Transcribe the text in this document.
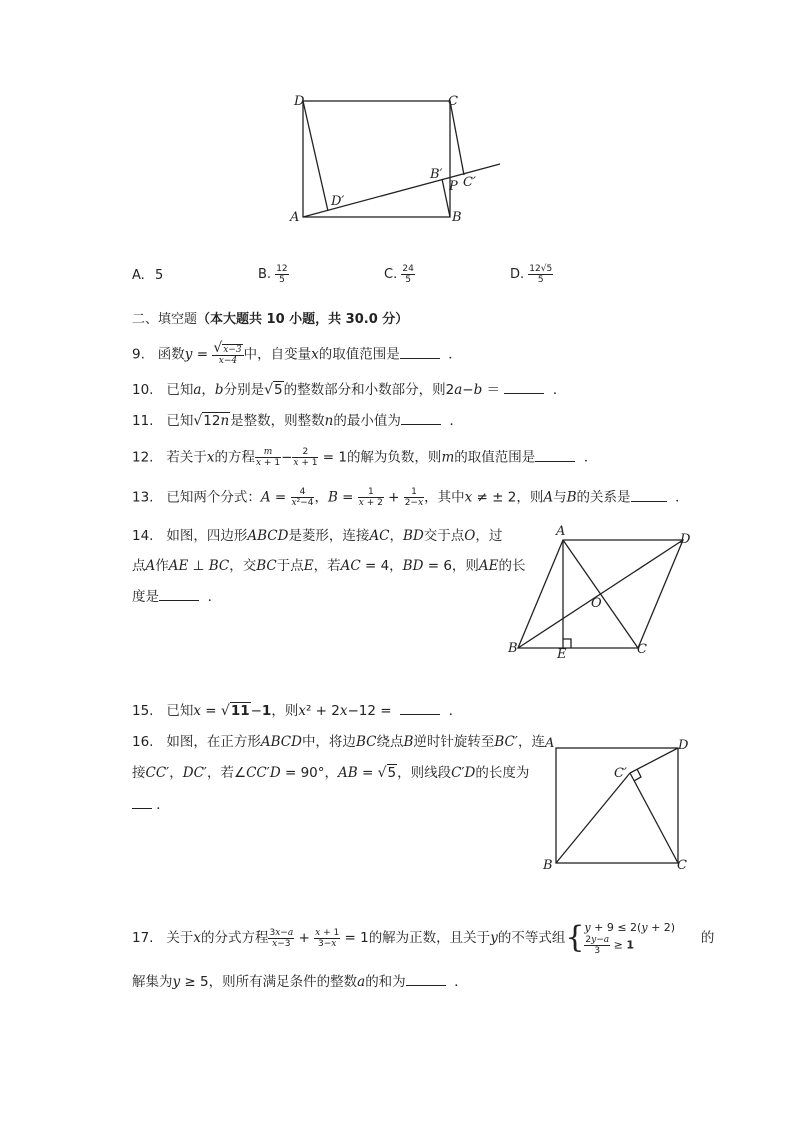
D	C
A	B
D′
B′
P C′
A. 5	B. $\frac{12}{5}$	C. $\frac{24}{5}$	D. $\frac{12√5}{5}$
二、填空题（本大题共 10 小题，共 30.0 分）
9. 函数$y = \frac{√x-3}{x-4}$ 中，自变量x的取值范围是	．
10. 已知a，b分别是√5的整数部分和小数部分，则2a−b ＝	．
11. 已知√12n是整数，则整数n的最小值为	．
12. 若关于x的方程 $\frac{m}{x + 1} - \frac{2}{x + 1} = 1$的解为负数，则m的取值范围是	．
13. 已知两个分式：$A = \frac{4}{\text{x²−4}}$ ，$B = \frac{1}{x + 2} + \frac{1}{2-x}$ ，其中x ≠ ± 2，则A与B的关系是	．
14. 如图，四边形ABCD是菱形，连接AC，BD交于点O，过
点A作AE ⊥ BC，交BC于点E，若AC = 4，BD = 6，则AE的长
度是	．
A
D
O
B	E	C
15. 已知x = √11−1，则x² + 2x−12 =	．
16. 如图，在正方形ABCD中，将边BC绕点B逆时针旋转至BC′，连
接CC′，DC′，若∠CC′D = 90°，AB = √5，则线段C′D的长度为
．
A	D
C′
B	C
17. 关于x的分式方程 $\frac{3x-a}{x-3} + \frac{x + 1}{3-x} = 1$的解为正数，且关于y的不等式组{ y + 9 ≤ 2(y + 2)
$\frac{2y-a}{3} \ge 1$	的
解集为y ≥ 5，则所有满足条件的整数a的和为	．
